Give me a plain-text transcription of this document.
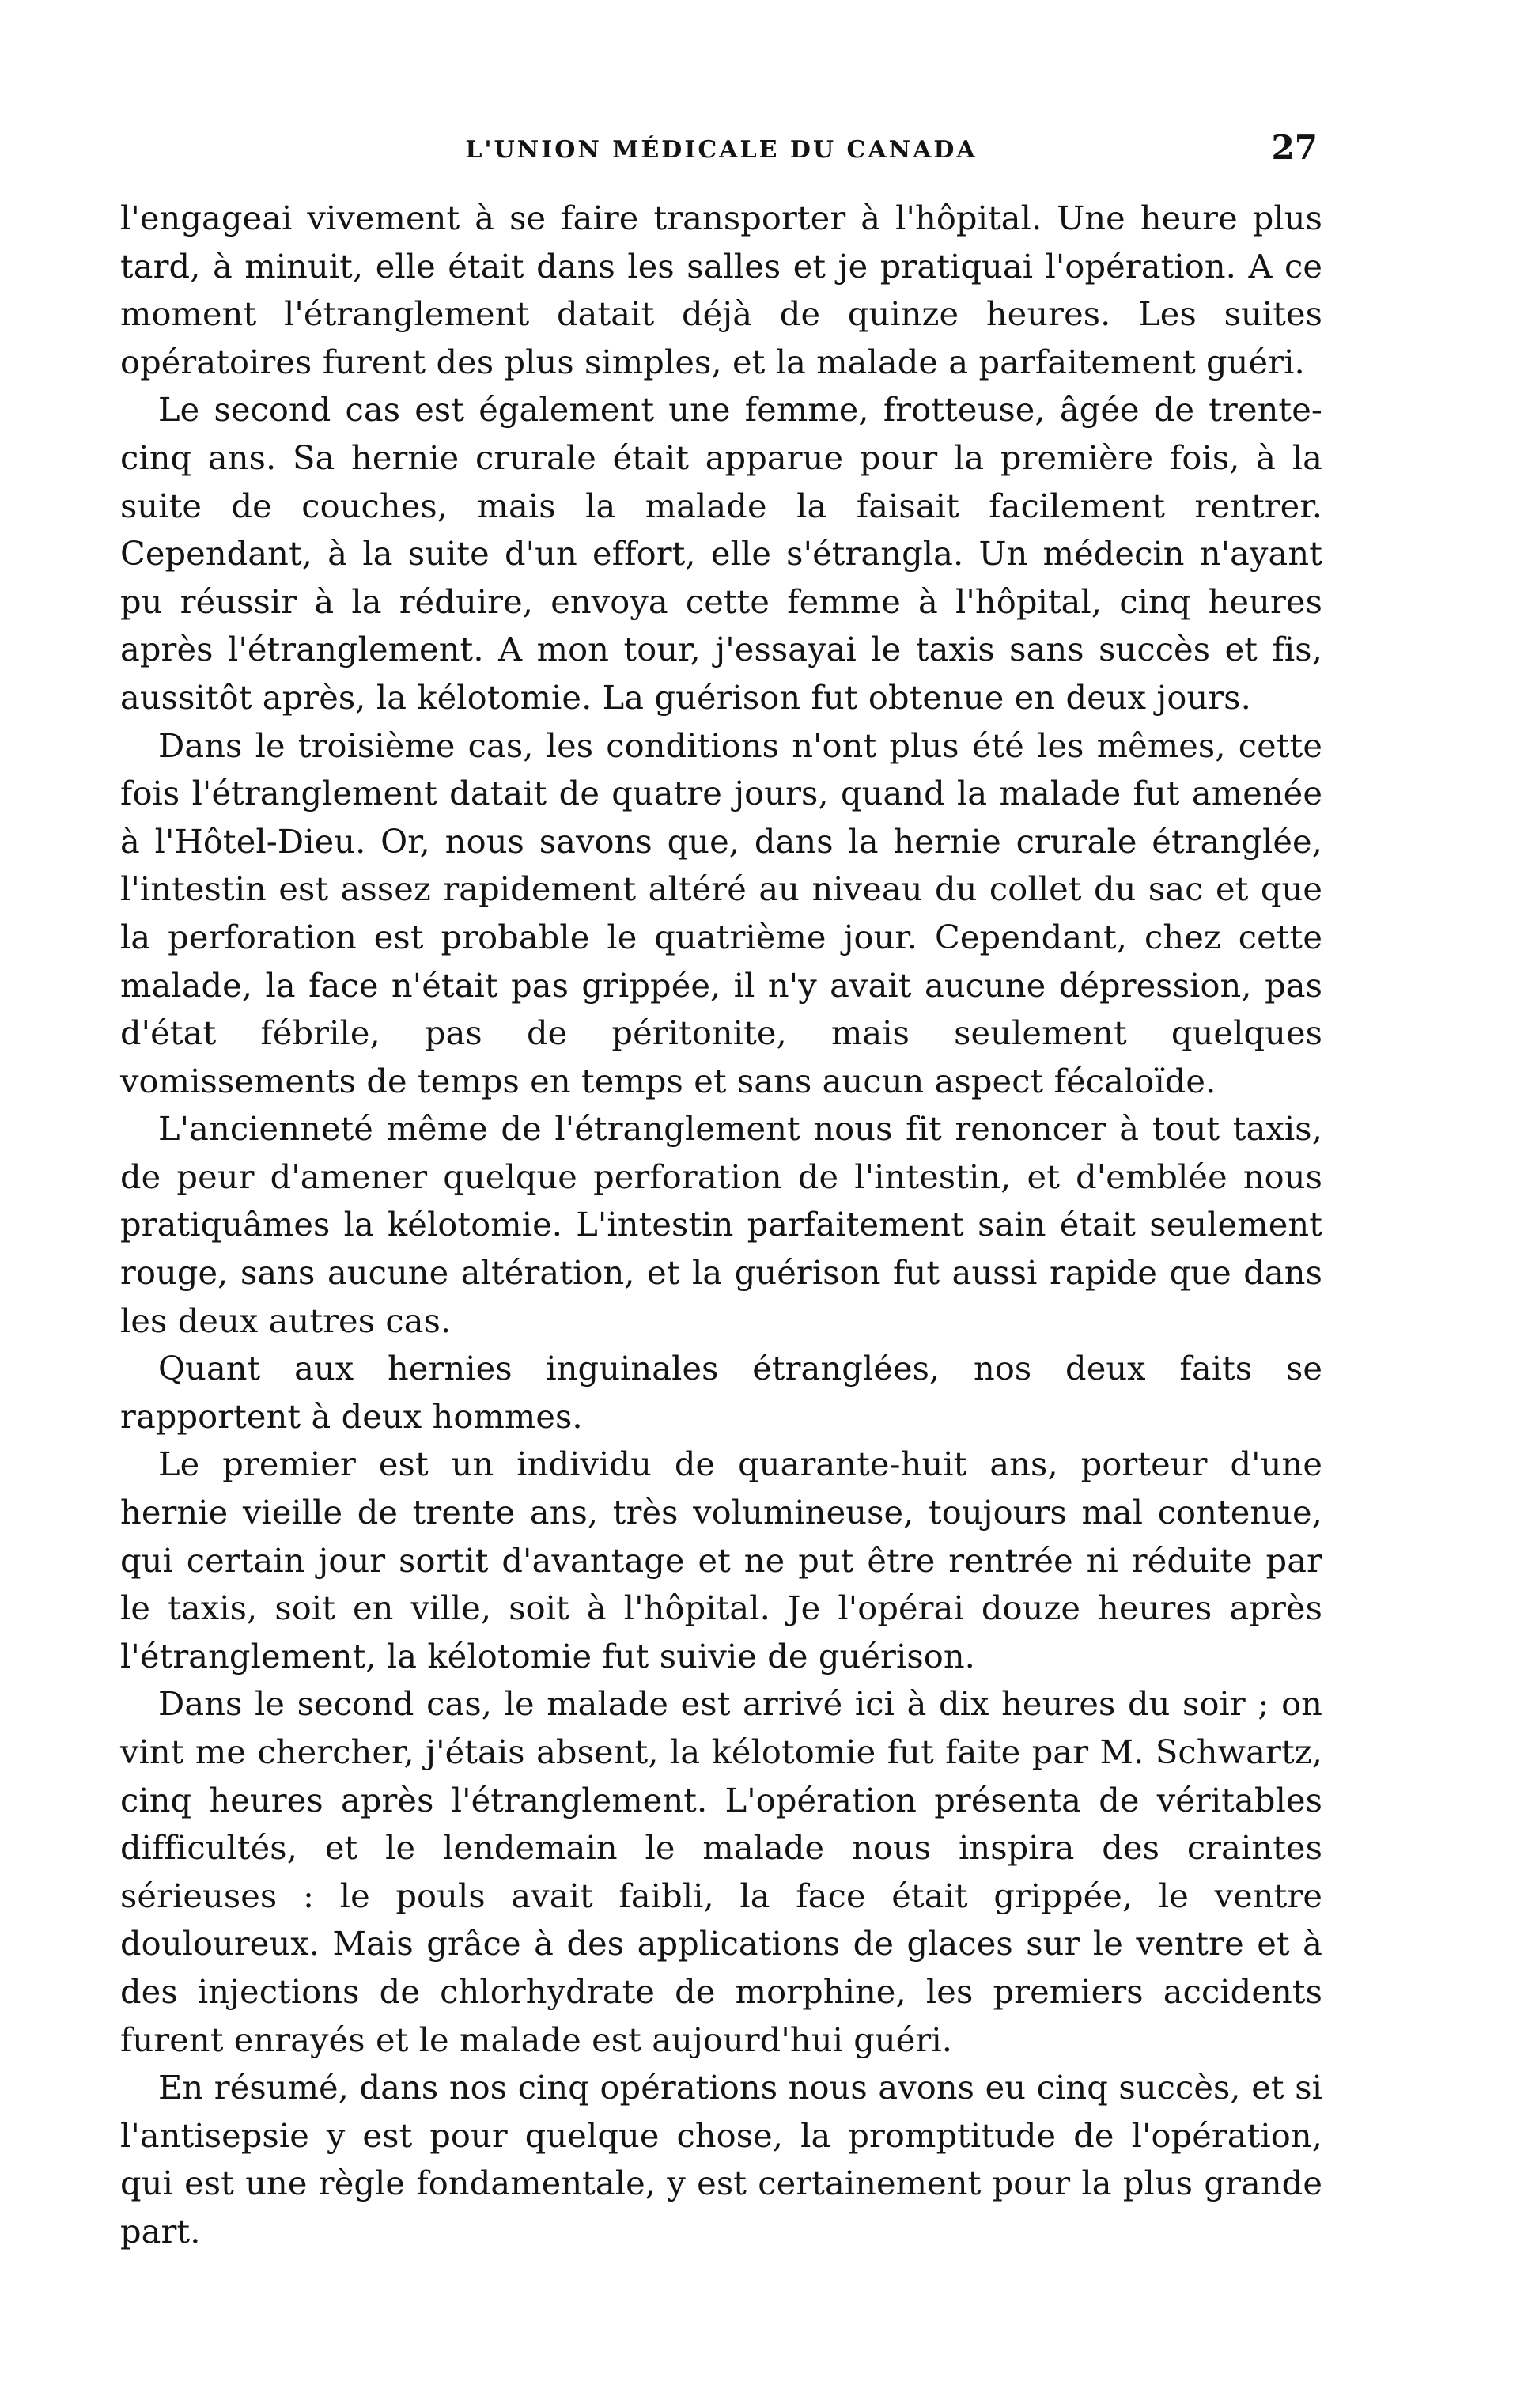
L'UNION MÉDICALE DU CANADA	27

l'engageai vivement à se faire transporter à l'hôpital. Une heure plus tard, à minuit, elle était dans les salles et je pratiquai l'opération. A ce moment l'étranglement datait déjà de quinze heures. Les suites opératoires furent des plus simples, et la malade a parfaitement guéri.

Le second cas est également une femme, frotteuse, âgée de trente-cinq ans. Sa hernie crurale était apparue pour la première fois, à la suite de couches, mais la malade la faisait facilement rentrer. Cependant, à la suite d'un effort, elle s'étrangla. Un médecin n'ayant pu réussir à la réduire, envoya cette femme à l'hôpital, cinq heures après l'étranglement. A mon tour, j'essayai le taxis sans succès et fis, aussitôt après, la kélotomie. La guérison fut obtenue en deux jours.

Dans le troisième cas, les conditions n'ont plus été les mêmes, cette fois l'étranglement datait de quatre jours, quand la malade fut amenée à l'Hôtel-Dieu. Or, nous savons que, dans la hernie crurale étranglée, l'intestin est assez rapidement altéré au niveau du collet du sac et que la perforation est probable le quatrième jour. Cependant, chez cette malade, la face n'était pas grippée, il n'y avait aucune dépression, pas d'état fébrile, pas de péritonite, mais seulement quelques vomissements de temps en temps et sans aucun aspect fécaloïde.

L'ancienneté même de l'étranglement nous fit renoncer à tout taxis, de peur d'amener quelque perforation de l'intestin, et d'emblée nous pratiquâmes la kélotomie. L'intestin parfaitement sain était seulement rouge, sans aucune altération, et la guérison fut aussi rapide que dans les deux autres cas.

Quant aux hernies inguinales étranglées, nos deux faits se rapportent à deux hommes.

Le premier est un individu de quarante-huit ans, porteur d'une hernie vieille de trente ans, très volumineuse, toujours mal contenue, qui certain jour sortit d'avantage et ne put être rentrée ni réduite par le taxis, soit en ville, soit à l'hôpital. Je l'opérai douze heures après l'étranglement, la kélotomie fut suivie de guérison.

Dans le second cas, le malade est arrivé ici à dix heures du soir ; on vint me chercher, j'étais absent, la kélotomie fut faite par M. Schwartz, cinq heures après l'étranglement. L'opération présenta de véritables difficultés, et le lendemain le malade nous inspira des craintes sérieuses : le pouls avait faibli, la face était grippée, le ventre douloureux. Mais grâce à des applications de glaces sur le ventre et à des injections de chlorhydrate de morphine, les premiers accidents furent enrayés et le malade est aujourd'hui guéri.

En résumé, dans nos cinq opérations nous avons eu cinq succès, et si l'antisepsie y est pour quelque chose, la promptitude de l'opération, qui est une règle fondamentale, y est certainement pour la plus grande part.
